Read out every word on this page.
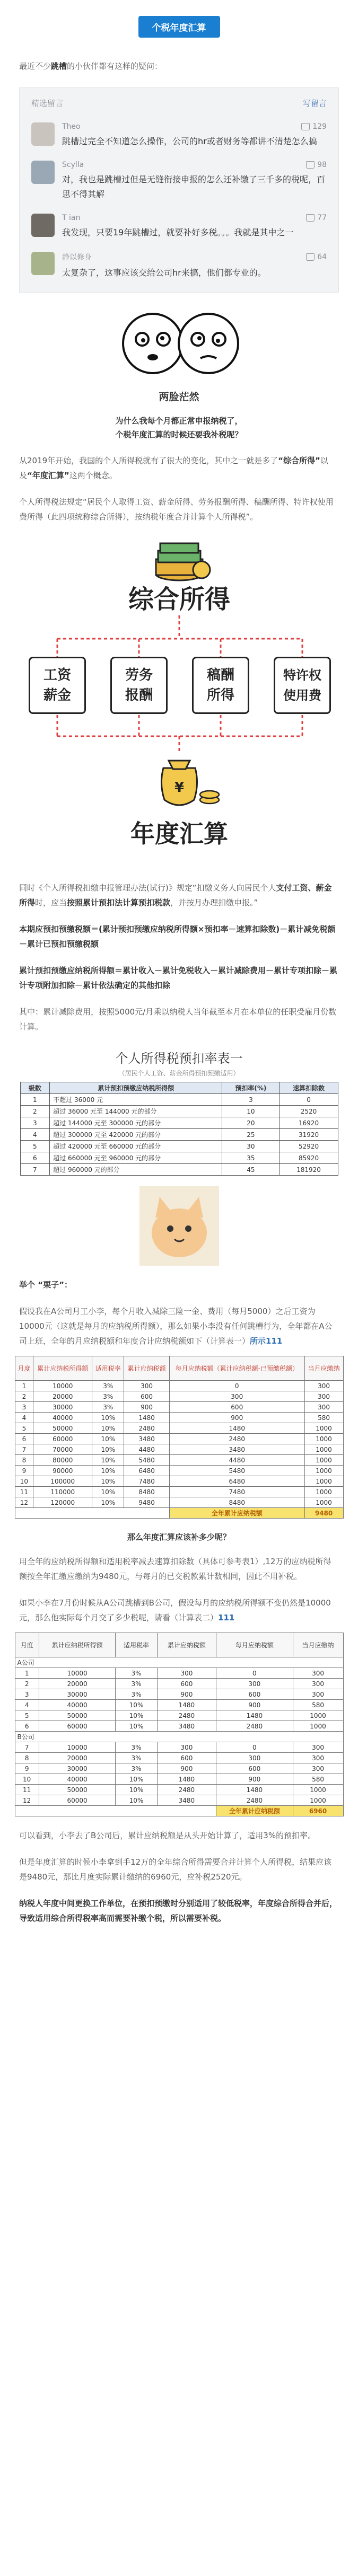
个税年度汇算

最近不少跳槽的小伙伴都有这样的疑问：

精选留言	写留言
Theo	129
跳槽过完全不知道怎么操作，公司的hr或者财务等都讲不清楚怎么搞
Scylla	98
对，我也是跳槽过但是无缝衔接申报的怎么还补缴了三千多的税呢，百思不得其解
T ian	77
我发现，只要19年跳槽过，就要补好多税。。。我就是其中之一
静以修身	64
太复杂了，这事应该交给公司hr来搞，他们都专业的。
两脸茫然
为什么我每个月都正常申报纳税了，
个税年度汇算的时候还要我补税呢？

从2019年开始，我国的个人所得税就有了很大的变化，其中之一就是多了“综合所得”以及“年度汇算”这两个概念。

个人所得税法规定“居民个人取得工资、薪金所得、劳务报酬所得、稿酬所得、特许权使用费所得（此四项统称综合所得），按纳税年度合并计算个人所得税”。

综合所得
¥
年度汇算
工资
薪金
劳务
报酬
稿酬
所得
特许权
使用费

同时《个人所得税扣缴申报管理办法(试行)》规定“扣缴义务人向居民个人支付工资、薪金所得时，应当按照累计预扣法计算预扣税款，并按月办理扣缴申报。”

本期应预扣预缴税额＝(累计预扣预缴应纳税所得额×预扣率－速算扣除数)－累计减免税额－累计已预扣预缴税额

累计预扣预缴应纳税所得额＝累计收入－累计免税收入－累计减除费用－累计专项扣除－累计专项附加扣除－累计依法确定的其他扣除

其中：累计减除费用，按照5000元/月乘以纳税人当年截至本月在本单位的任职受雇月份数计算。

个人所得税预扣率表一
（居民个人工资、薪金所得预扣预缴适用）
级数	累计预扣预缴应纳税所得额	预扣率(%)	速算扣除数
1	不超过 36000 元	3	0
2	超过 36000 元至 144000 元的部分	10	2520
3	超过 144000 元至 300000 元的部分	20	16920
4	超过 300000 元至 420000 元的部分	25	31920
5	超过 420000 元至 660000 元的部分	30	52920
6	超过 660000 元至 960000 元的部分	35	85920
7	超过 960000 元的部分	45	181920

举个 “栗子”：

假设我在A公司月工小李，每个月收入减除三险一金、费用（每月5000）之后工资为10000元（这就是每月的应纳税所得额），那么如果小李没有任何跳槽行为，全年都在A公司上班，全年的月应纳税额和年度合计应纳税额如下（计算表一）所示111

月度	累计应纳税所得额	适用税率	累计应纳税额	每月应纳税额（累计应纳税额-已预缴税额）	当月应缴纳
1	10000	3%	300	0	300
2	20000	3%	600	300	300
3	30000	3%	900	600	300
4	40000	10%	1480	900	580
5	50000	10%	2480	1480	1000
6	60000	10%	3480	2480	1000
7	70000	10%	4480	3480	1000
8	80000	10%	5480	4480	1000
9	90000	10%	6480	5480	1000
10	100000	10%	7480	6480	1000
11	110000	10%	8480	7480	1000
12	120000	10%	9480	8480	1000
				全年累计应纳税额	9480
那么年度汇算应该补多少呢？

用全年的应纳税所得额和适用税率减去速算扣除数（具体可参考表1）,12万的应纳税所得额按全年汇缴应缴纳为9480元，与每月的已交税款累计数相同，因此不用补税。

如果小李在7月份时候从A公司跳槽到B公司，假设每月的应纳税所得额不变仍然是10000元，那么他实际每个月交了多少税呢，请看（计算表二）111

月度	累计应纳税所得额	适用税率	累计应纳税额	每月应纳税额	当月应缴纳
A公司					
1	10000	3%	300	0	300
2	20000	3%	600	300	300
3	30000	3%	900	600	300
4	40000	10%	1480	900	580
5	50000	10%	2480	1480	1000
6	60000	10%	3480	2480	1000
B公司					
7	10000	3%	300	0	300
8	20000	3%	600	300	300
9	30000	3%	900	600	300
10	40000	10%	1480	900	580
11	50000	10%	2480	1480	1000
12	60000	10%	3480	2480	1000
				全年累计应纳税额	6960

可以看到，小李去了B公司后，累计应纳税额是从头开始计算了，适用3%的预扣率。

但是年度汇算的时候小李拿到手12万的全年综合所得需要合并计算个人所得税，结果应该是9480元，那比月度实际累计缴纳的6960元，应补税2520元。

纳税人年度中间更换工作单位，在预扣预缴时分别适用了较低税率，年度综合所得合并后，导致适用综合所得税率高而需要补缴个税，所以需要补税。
